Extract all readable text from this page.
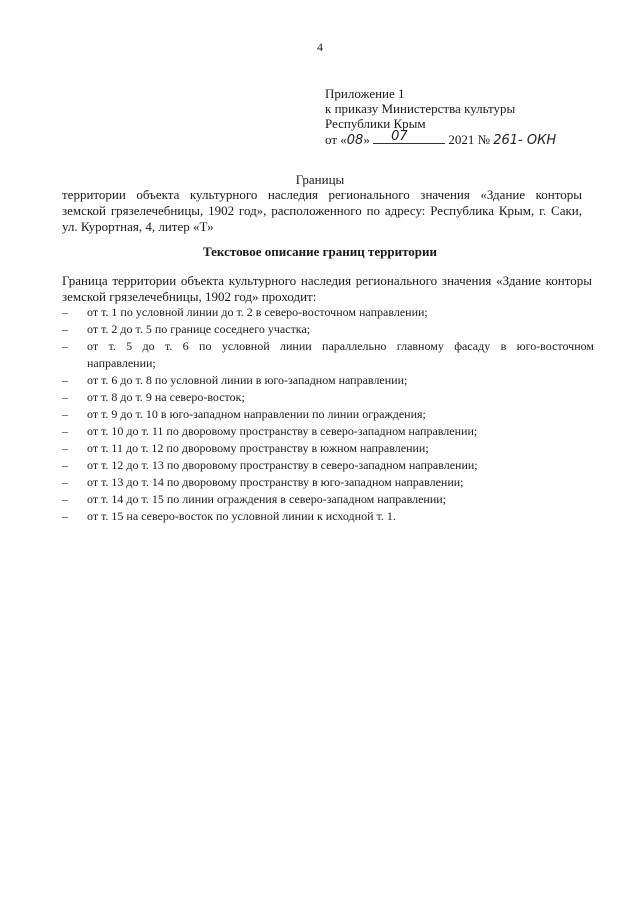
4
Приложение 1
к приказу Министерства культуры
Республики Крым
от «08» 07	2021 № 261- ОКН
Границы
территории объекта культурного наследия регионального значения «Здание конторы
земской грязелечебницы, 1902 год», расположенного по адресу: Республика Крым, г. Саки,
ул. Курортная, 4, литер «Т»
Текстовое описание границ территории
Граница территории объекта культурного наследия регионального значения «Здание конторы
земской грязелечебницы, 1902 год» проходит:
– от т. 1 по условной линии до т. 2 в северо-восточном направлении;
– от т. 2 до т. 5 по границе соседнего участка;
– от т. 5 до т. 6 по условной линии параллельно главному фасаду в юго-восточном
направлении;
– от т. 6 до т. 8 по условной линии в юго-западном направлении;
– от т. 8 до т. 9 на северо-восток;
– от т. 9 до т. 10 в юго-западном направлении по линии ограждения;
– от т. 10 до т. 11 по дворовому пространству в северо-западном направлении;
– от т. 11 до т. 12 по дворовому пространству в южном направлении;
– от т. 12 до т. 13 по дворовому пространству в северо-западном направлении;
– от т. 13 до т. 14 по дворовому пространству в юго-западном направлении;
– от т. 14 до т. 15 по линии ограждения в северо-западном направлении;
– от т. 15 на северо-восток по условной линии к исходной т. 1.
